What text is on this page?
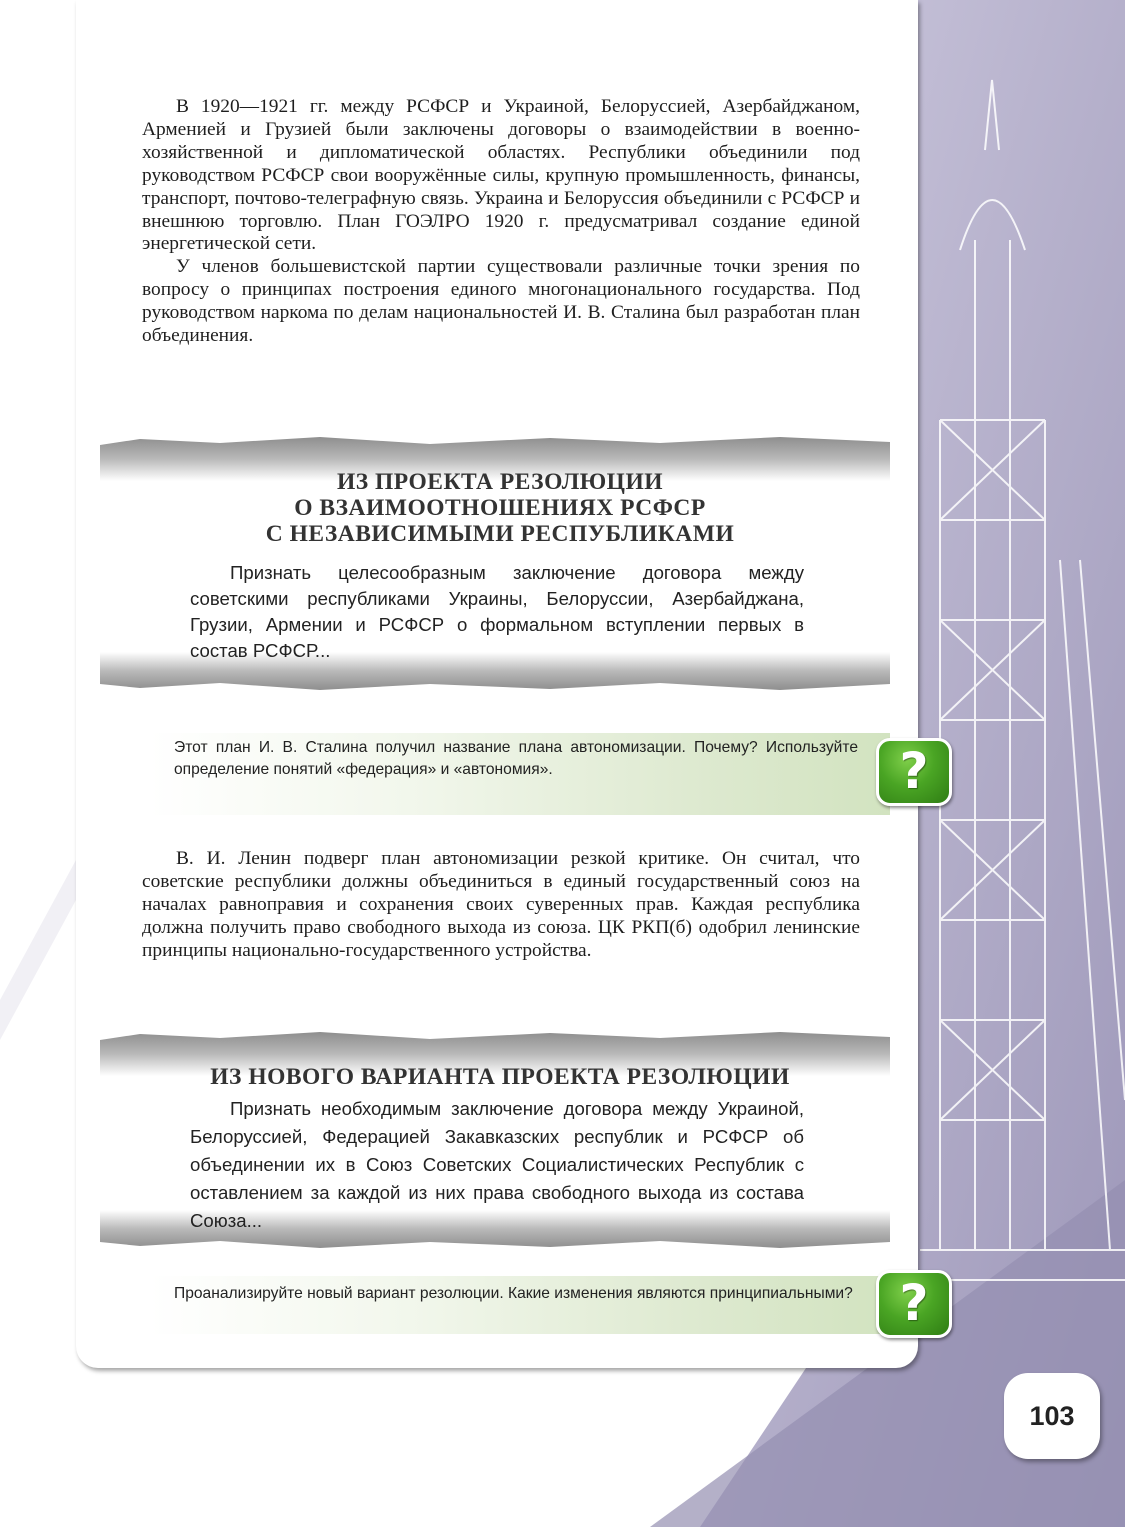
В 1920—1921 гг. между РСФСР и Украиной, Белоруссией, Азербайджаном, Арменией и Грузией были заключены договоры о взаимодействии в военно-хозяйственной и дипломатической областях. Республики объединили под руководством РСФСР свои вооружённые силы, крупную промышленность, финансы, транспорт, почтово-телеграфную связь. Украина и Белоруссия объединили с РСФСР и внешнюю торговлю. План ГОЭЛРО 1920 г. предусматривал создание единой энергетической сети.

У членов большевистской партии существовали различные точки зрения по вопросу о принципах построения единого многонационального государства. Под руководством наркома по делам национальностей И. В. Сталина был разработан план объединения.

ИЗ ПРОЕКТА РЕЗОЛЮЦИИ
О ВЗАИМООТНОШЕНИЯХ РСФСР
С НЕЗАВИСИМЫМИ РЕСПУБЛИКАМИ

Признать целесообразным заключение договора между советскими республиками Украины, Белоруссии, Азербайджана, Грузии, Армении и РСФСР о формальном вступлении первых в состав РСФСР...

Этот план И. В. Сталина получил название плана автономизации. Почему? Используйте определение понятий «федерация» и «автономия».	?

В. И. Ленин подверг план автономизации резкой критике. Он считал, что советские республики должны объединиться в единый государственный союз на началах равноправия и сохранения своих суверенных прав. Каждая республика должна получить право свободного выхода из союза. ЦК РКП(б) одобрил ленинские принципы национально-государственного устройства.

ИЗ НОВОГО ВАРИАНТА ПРОЕКТА РЕЗОЛЮЦИИ

Признать необходимым заключение договора между Украиной, Белоруссией, Федерацией Закавказских республик и РСФСР об объединении их в Союз Советских Социалистических Республик с оставлением за каждой из них права свободного выхода из состава Союза...

Проанализируйте новый вариант резолюции. Какие изменения являются принципиальными? ?
103
